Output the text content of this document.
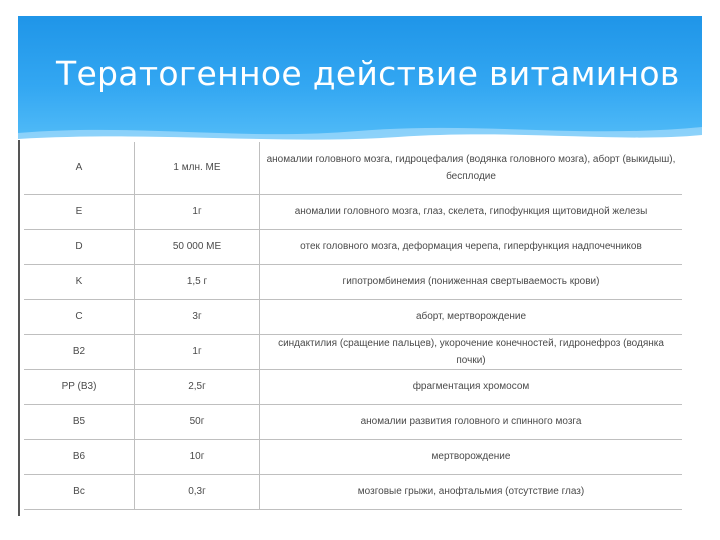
Тератогенное действие витаминов
A	1 млн. МЕ	аномалии головного мозга, гидроцефалия (водянка головного мозга), аборт (выкидыш), бесплодие
E	1г	аномалии головного мозга, глаз, скелета, гипофункция щитовидной железы
D	50 000 МЕ	отек головного мозга, деформация черепа, гиперфункция надпочечников
K	1,5 г	гипотромбинемия (пониженная свертываемость крови)
C	3г	аборт, мертворождение
B2	1г	синдактилия (сращение пальцев), укорочение конечностей, гидронефроз (водянка почки)
PP (B3)	2,5г	фрагментация хромосом
B5	50г	аномалии развития головного и спинного мозга
B6	10г	мертворождение
Bc	0,3г	мозговые грыжи, анофтальмия (отсутствие глаз)
